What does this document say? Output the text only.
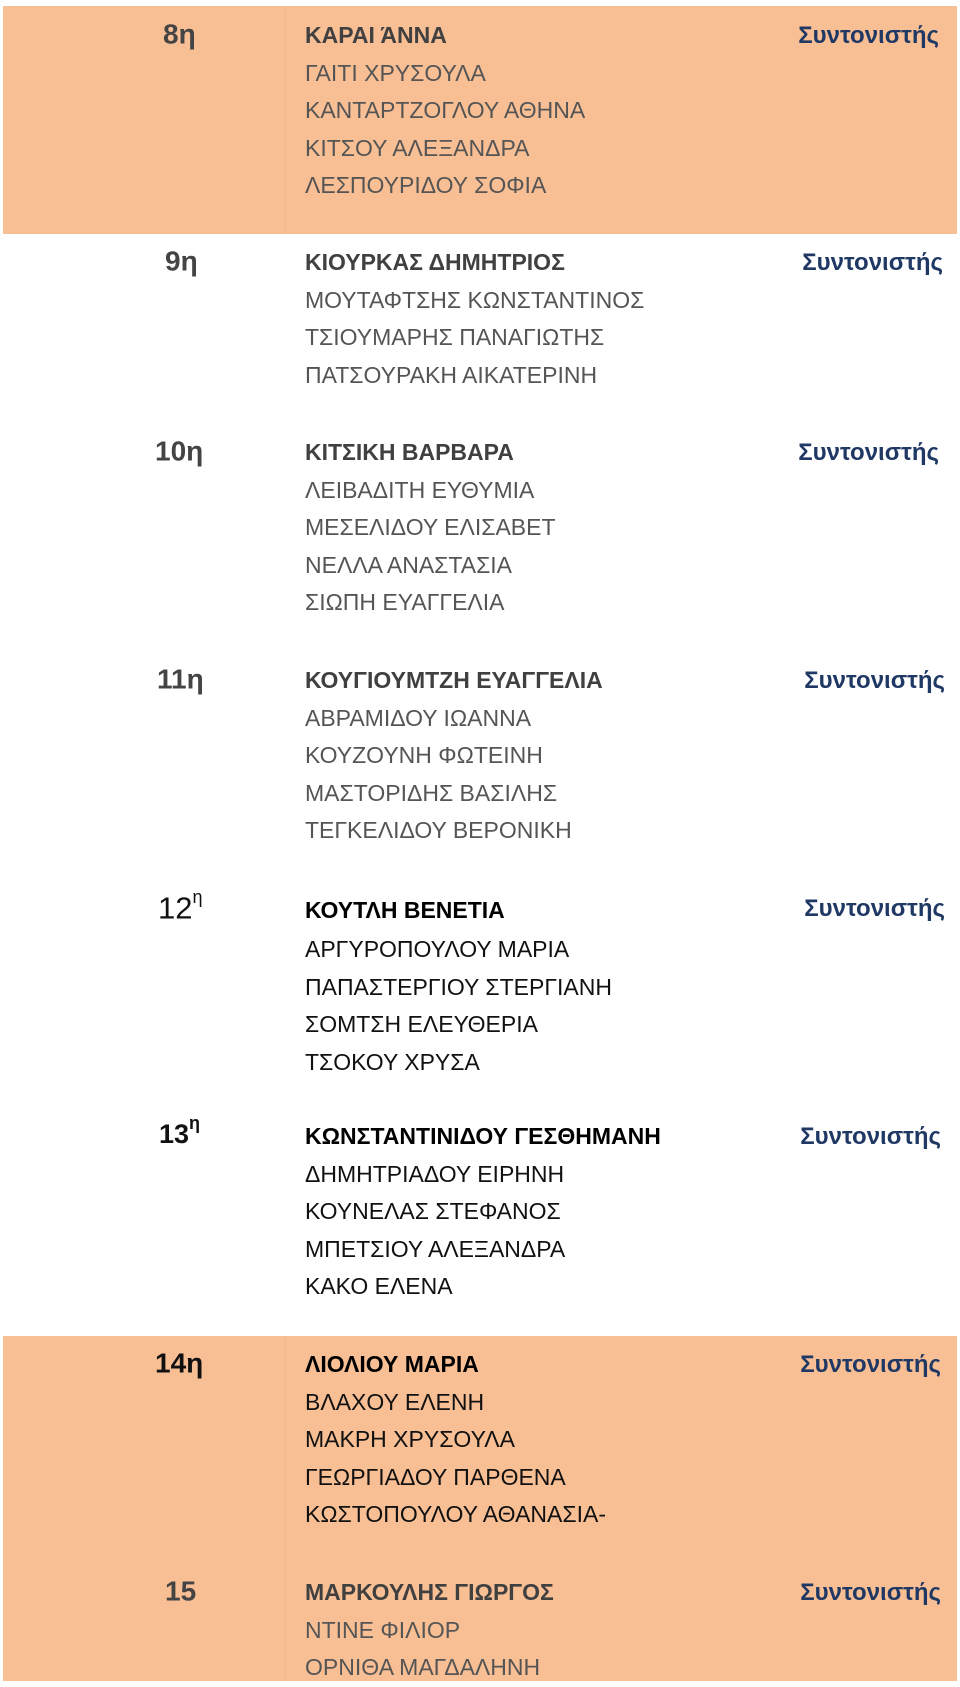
8η	ΚΑΡΑΙ ΆΝΝΑ
ΓΑΙΤΙ ΧΡΥΣΟΥΛΑ
ΚΑΝΤΑΡΤΖΟΓΛΟΥ ΑΘΗΝΑ
ΚΙΤΣΟΥ ΑΛΕΞΑΝΔΡΑ
ΛΕΣΠΟΥΡΙΔΟΥ ΣΟΦΙΑ
Συντονιστής
9η	ΚΙΟΥΡΚΑΣ ΔΗΜΗΤΡΙΟΣ
ΜΟΥΤΑΦΤΣΗΣ ΚΩΝΣΤΑΝΤΙΝΟΣ
ΤΣΙΟΥΜΑΡΗΣ ΠΑΝΑΓΙΩΤΗΣ
ΠΑΤΣΟΥΡΑΚΗ ΑΙΚΑΤΕΡΙΝΗ
Συντονιστής
10η	ΚΙΤΣΙΚΗ ΒΑΡΒΑΡΑ
ΛΕΙΒΑΔΙΤΗ ΕΥΘΥΜΙΑ
ΜΕΣΕΛΙΔΟΥ ΕΛΙΣΑΒΕΤ
ΝΕΛΛΑ ΑΝΑΣΤΑΣΙΑ
ΣΙΩΠΗ ΕΥΑΓΓΕΛΙΑ
Συντονιστής
11η	ΚΟΥΓΙΟΥΜΤΖΗ ΕΥΑΓΓΕΛΙΑ
ΑΒΡΑΜΙΔΟΥ ΙΩΑΝΝΑ
ΚΟΥΖΟΥΝΗ ΦΩΤΕΙΝΗ
ΜΑΣΤΟΡΙΔΗΣ ΒΑΣΙΛΗΣ
ΤΕΓΚΕΛΙΔΟΥ ΒΕΡΟΝΙΚΗ
Συντονιστής
$12^\eta$	ΚΟΥΤΛΗ ΒΕΝΕΤΙΑ
ΑΡΓΥΡΟΠΟΥΛΟΥ ΜΑΡΙΑ
ΠΑΠΑΣΤΕΡΓΙΟΥ ΣΤΕΡΓΙΑΝΗ
ΣΟΜΤΣΗ ΕΛΕΥΘΕΡΙΑ
ΤΣΟΚΟΥ ΧΡΥΣΑ
Συντονιστής
$13^\eta$	ΚΩΝΣΤΑΝΤΙΝΙΔΟΥ ΓΕΣΘΗΜΑΝΗ
ΔΗΜΗΤΡΙΑΔΟΥ ΕΙΡΗΝΗ
ΚΟΥΝΕΛΑΣ ΣΤΕΦΑΝΟΣ
ΜΠΕΤΣΙΟΥ ΑΛΕΞΑΝΔΡΑ
ΚΑΚΟ ΕΛΕΝΑ
Συντονιστής
14η	ΛΙΟΛΙΟΥ ΜΑΡΙΑ
ΒΛΑΧΟΥ ΕΛΕΝΗ
ΜΑΚΡΗ ΧΡΥΣΟΥΛΑ
ΓΕΩΡΓΙΑΔΟΥ ΠΑΡΘΕΝΑ
ΚΩΣΤΟΠΟΥΛΟΥ ΑΘΑΝΑΣΙΑ-
Συντονιστής
15	ΜΑΡΚΟΥΛΗΣ ΓΙΩΡΓΟΣ
ΝΤΙΝΕ ΦΙΛΙΟΡ
ΟΡΝΙΘΑ ΜΑΓΔΑΛΗΝΗ
Συντονιστής
